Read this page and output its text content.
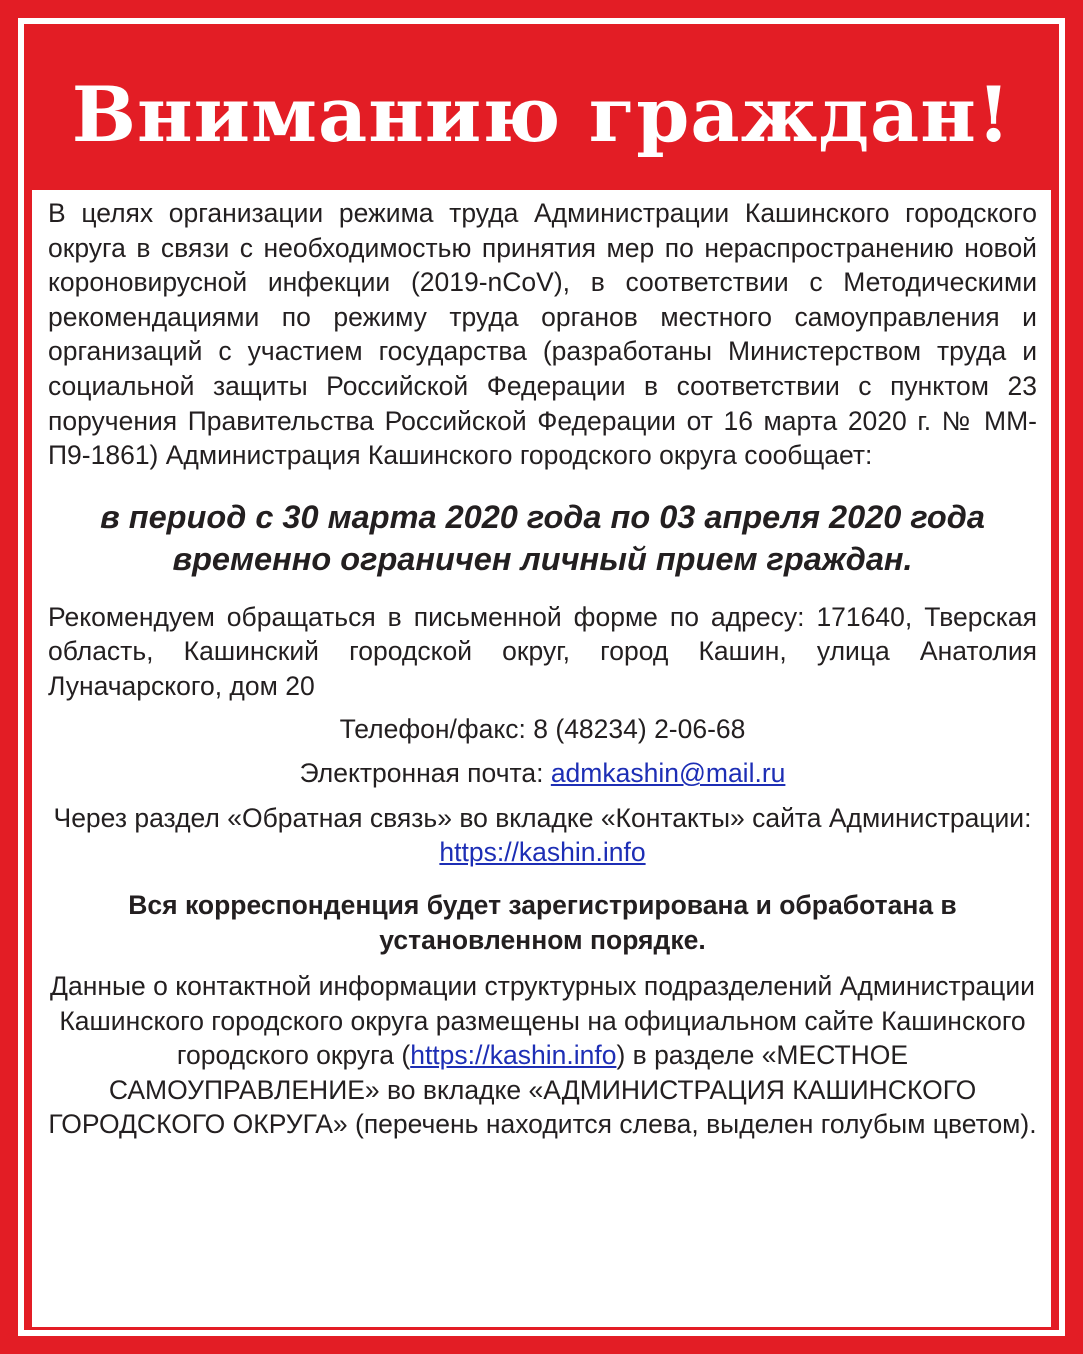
Вниманию граждан!

В целях организации режима труда Администрации Кашинского городского округа в связи с необходимостью принятия мер по нераспространению новой короновирусной инфекции (2019-nCoV), в соответствии с Методическими рекомендациями по режиму труда органов местного самоуправления и организаций с участием государства (разработаны Министерством труда и социальной защиты Российской Федерации в соответствии с пунктом 23 поручения Правительства Российской Федерации от 16 марта 2020 г. № ММ-П9-1861) Администрация Кашинского городского округа сообщает:

в период с 30 марта 2020 года по 03 апреля 2020 года временно ограничен личный прием граждан.

Рекомендуем обращаться в письменной форме по адресу: 171640, Тверская область, Кашинский городской округ, город Кашин, улица Анатолия Луначарского, дом 20

Телефон/факс: 8 (48234) 2-06-68

Электронная почта: admkashin@mail.ru

Через раздел «Обратная связь» во вкладке «Контакты» сайта Администрации: https://kashin.info

Вся корреспонденция будет зарегистрирована и обработана в установленном порядке.

Данные о контактной информации структурных подразделений Администрации Кашинского городского округа размещены на официальном сайте Кашинского городского округа (https://kashin.info) в разделе «МЕСТНОЕ САМОУПРАВЛЕНИЕ» во вкладке «АДМИНИСТРАЦИЯ КАШИНСКОГО ГОРОДСКОГО ОКРУГА» (перечень находится слева, выделен голубым цветом).
